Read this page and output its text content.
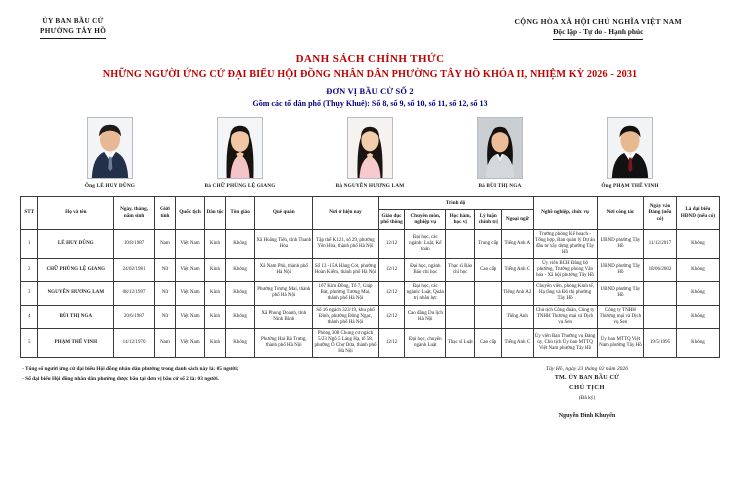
ỦY BAN BẦU CỬ
PHƯỜNG TÂY HỒ
CỘNG HÒA XÃ HỘI CHỦ NGHĨA VIỆT NAM
Độc lập - Tự do - Hạnh phúc
DANH SÁCH CHÍNH THỨC
NHỮNG NGƯỜI ỨNG CỬ ĐẠI BIỂU HỘI ĐỒNG NHÂN DÂN PHƯỜNG TÂY HỒ KHÓA II, NHIỆM KỲ 2026 - 2031
ĐƠN VỊ BẦU CỬ SỐ 2
Gồm các tổ dân phố (Thụy Khuê): Số 8, số 9, số 10, số 11, số 12, số 13
Ông LÊ HUY DŨNG	Bà CHỮ PHÙNG LỆ GIANG	Bà NGUYỄN HƯƠNG LAM	Bà BÙI THỊ NGA	Ông PHẠM THẾ VINH
STT	Họ và tên	Ngày, tháng, năm sinh	Giới tính	Quốc tịch	Dân tộc	Tôn giáo	Quê quán	Nơi ở hiện nay	Trình độ					Nghề nghiệp, chức vụ	Nơi công tác	Ngày vào Đảng (nếu có)	Là đại biểu HĐND (nếu có)
									Giáo dục phổ thông	Chuyên môn, nghiệp vụ	Học hàm, học vị	Lý luận chính trị	Ngoại ngữ				
1	LÊ HUY DŨNG	10/8/1987	Nam	Việt Nam	Kinh	Không	Xã Hoằng Tiến, tỉnh Thanh Hóa	Tập thể K121, số 29, phường Yên Hòa, thành phố Hà Nội	12/12	Đại học, các ngành: Luật, Kế toán		Trung cấp	Tiếng Anh A	Trưởng phòng Kế hoạch - Tổng hợp, Ban quản lý Dự án đầu tư xây dựng phường Tây Hồ	UBND phường Tây Hồ	11/12/2017	Không
2	CHỮ PHÙNG LỆ GIANG	24/02/1981	Nữ	Việt Nam	Kinh	Không	Xã Nam Phù, thành phố Hà Nội	Số 13 -15A Hàng Cót, phường Hoàn Kiếm, thành phố Hà Nội	12/12	Đại học, ngành Báo chí học	Thạc sĩ Báo chí học	Cao cấp	Tiếng Anh C	Ủy viên BCH Đảng bộ phường, Trưởng phòng Văn hóa - Xã hội phường Tây Hồ	UBND phường Tây Hồ	18/06/2002	Không
3	NGUYỄN HƯƠNG LAM	08/12/1997	Nữ	Việt Nam	Kinh	Không	Phường Tương Mai, thành phố Hà Nội	107 Kim Đồng, Tổ 7, Giáp Bát, phường Tương Mai, thành phố Hà Nội	12/12	Đại học, các ngành: Luật, Quản trị nhân lực			Tiếng Anh A2	Chuyên viên, phòng Kinh tế, Hạ tầng và Đô thị phường Tây Hồ	UBND phường Tây Hồ		Không
4	BÙI THỊ NGA	20/6/1987	Nữ	Việt Nam	Kinh	Không	Xã Phong Doanh, tỉnh Ninh Bình	Số 16 ngách 323/19, khu phố Đình, phường Đông Ngạc, thành phố Hà Nội	12/12	Cao đẳng Du lịch Hà Nội			Tiếng Anh	Chủ tịch Công đoàn, Công ty TNHH Thương mại và Dịch vụ Sen	Công ty TNHH Thương mại và Dịch vụ Sen		Không
5	PHẠM THẾ VINH	14/12/1970	Nam	Việt Nam	Kinh	Không	Phường Hai Bà Trưng, thành phố Hà Nội	Phòng 308 Chung cư ngách 5/23 Ngõ 5 Láng Hạ, tổ 58, phường Ô Chợ Dừa, thành phố Hà Nội	12/12	Đại học, chuyên ngành Luật	Thạc sĩ Luật	Cao cấp	Tiếng Anh C	Ủy viên Ban Thường vụ Đảng ủy, Chủ tịch Ủy ban MTTQ Việt Nam phường Tây Hồ	Ủy ban MTTQ Việt Nam phường Tây Hồ	19/5/1995	Không
- Tổng số người ứng cử đại biểu Hội đồng nhân dân phường trong danh sách này là: 05 người;
- Số đại biểu Hội đồng nhân dân phường được bầu tại đơn vị bầu cử số 2 là: 03 người.
Tây Hồ, ngày 23 tháng 02 năm 2026
TM. ỦY BAN BẦU CỬ
CHỦ TỊCH
(Đã ký)
Nguyễn Đình Khuyến
